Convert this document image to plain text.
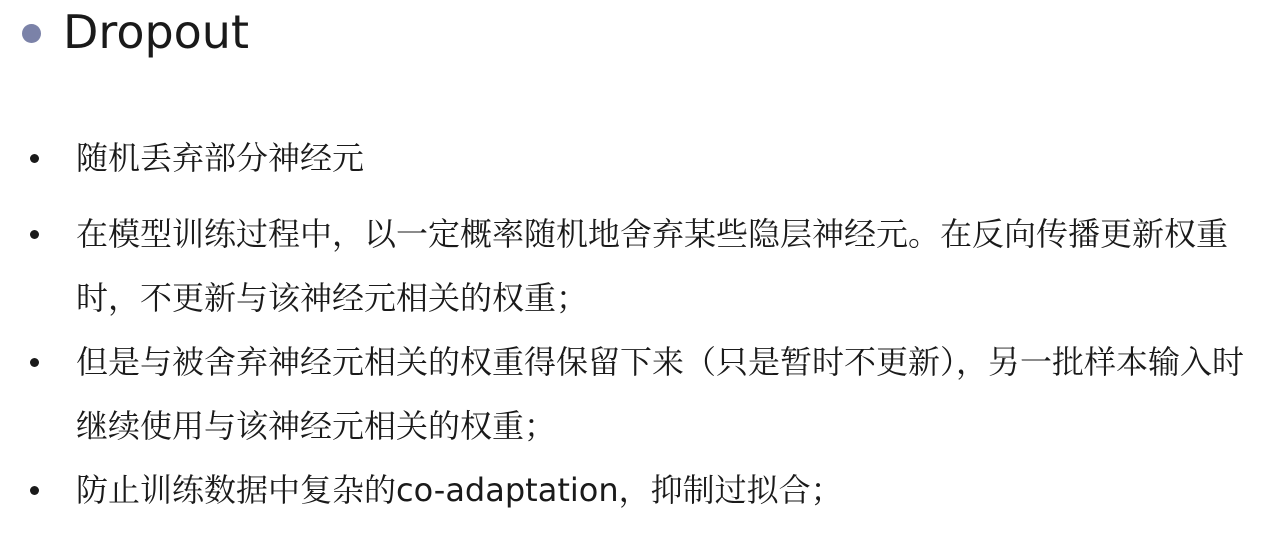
Dropout
随机丢弃部分神经元
在模型训练过程中，以一定概率随机地舍弃某些隐层神经元。在反向传播更新权重时，不更新与该神经元相关的权重；
但是与被舍弃神经元相关的权重得保留下来（只是暂时不更新），另一批样本输入时继续使用与该神经元相关的权重；
防止训练数据中复杂的co-adaptation，抑制过拟合；
